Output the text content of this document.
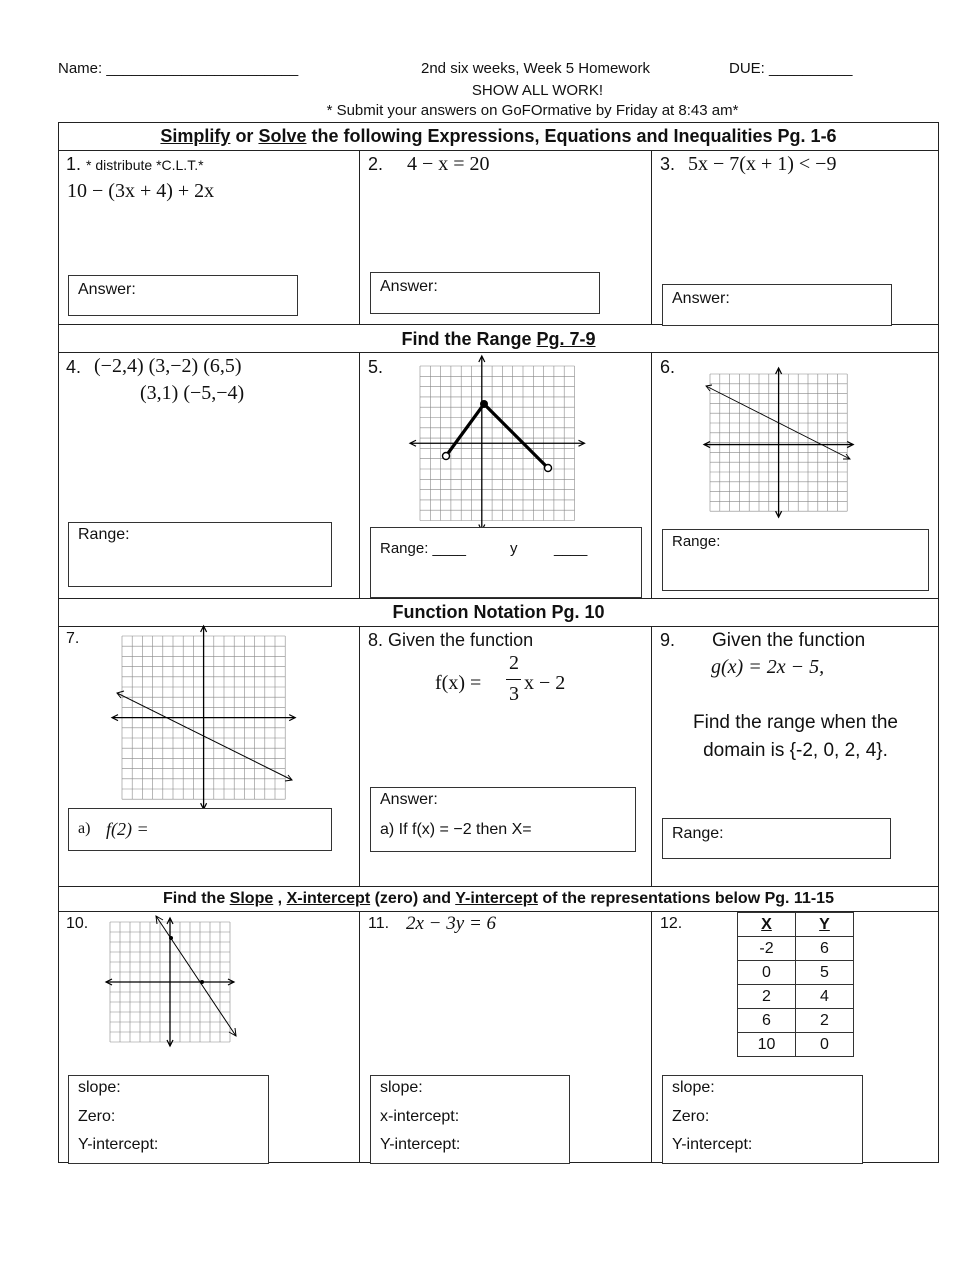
Name: _______________________	2nd six weeks, Week 5 Homework	DUE: __________
SHOW ALL WORK!
* Submit your answers on GoFOrmative by Friday at 8:43 am*
Simplify or Solve the following Expressions, Equations and Inequalities Pg. 1-6
1. * distribute *C.L.T.*
10 − (3x + 4) + 2x
Answer:
2. 4 − x = 20
Answer:
3. 5x − 7(x + 1) < −9
Answer:
Find the Range Pg. 7-9
4. (−2,4) (3,−2) (6,5)
(3,1) (−5,−4)
Range:
5.
Range: ____	y ____
6.
Range:
Function Notation Pg. 10
7.
a) f(2) =
8. Given the function
f(x) =
2
3 x − 2
Answer:
a) If f(x) = −2 then X=
9. Given the function
g(x) = 2x − 5,
Find the range when the
domain is {-2, 0, 2, 4}.
Range:
Find the Slope , X-intercept (zero) and Y-intercept of the representations below Pg. 11-15
10.
slope:
Zero:
Y-intercept:
11. 2x − 3y = 6
slope:
x-intercept:
Y-intercept:
12.	X	Y
-2	6
0	5
2	4
6	2
10	0
slope:
Zero:
Y-intercept:
